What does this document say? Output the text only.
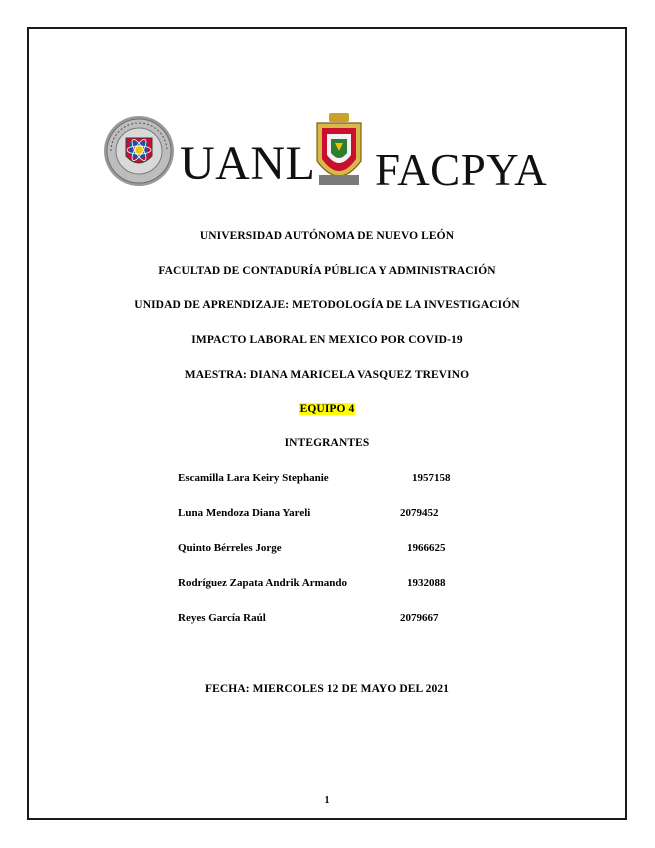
UANL FACPYA
UNIVERSIDAD AUTÓNOMA DE NUEVO LEÓN
FACULTAD DE CONTADURÍA PÚBLICA Y ADMINISTRACIÓN
UNIDAD DE APRENDIZAJE: METODOLOGÍA DE LA INVESTIGACIÓN
IMPACTO LABORAL EN MEXICO POR COVID-19
MAESTRA: DIANA MARICELA VASQUEZ TREVINO
EQUIPO 4
INTEGRANTES
Escamilla Lara Keiry Stephanie	1957158
Luna Mendoza Diana Yareli	2079452
Quinto Bérreles Jorge	1966625
Rodríguez Zapata Andrik Armando	1932088
Reyes García Raúl	2079667
FECHA: MIERCOLES 12 DE MAYO DEL 2021
1
